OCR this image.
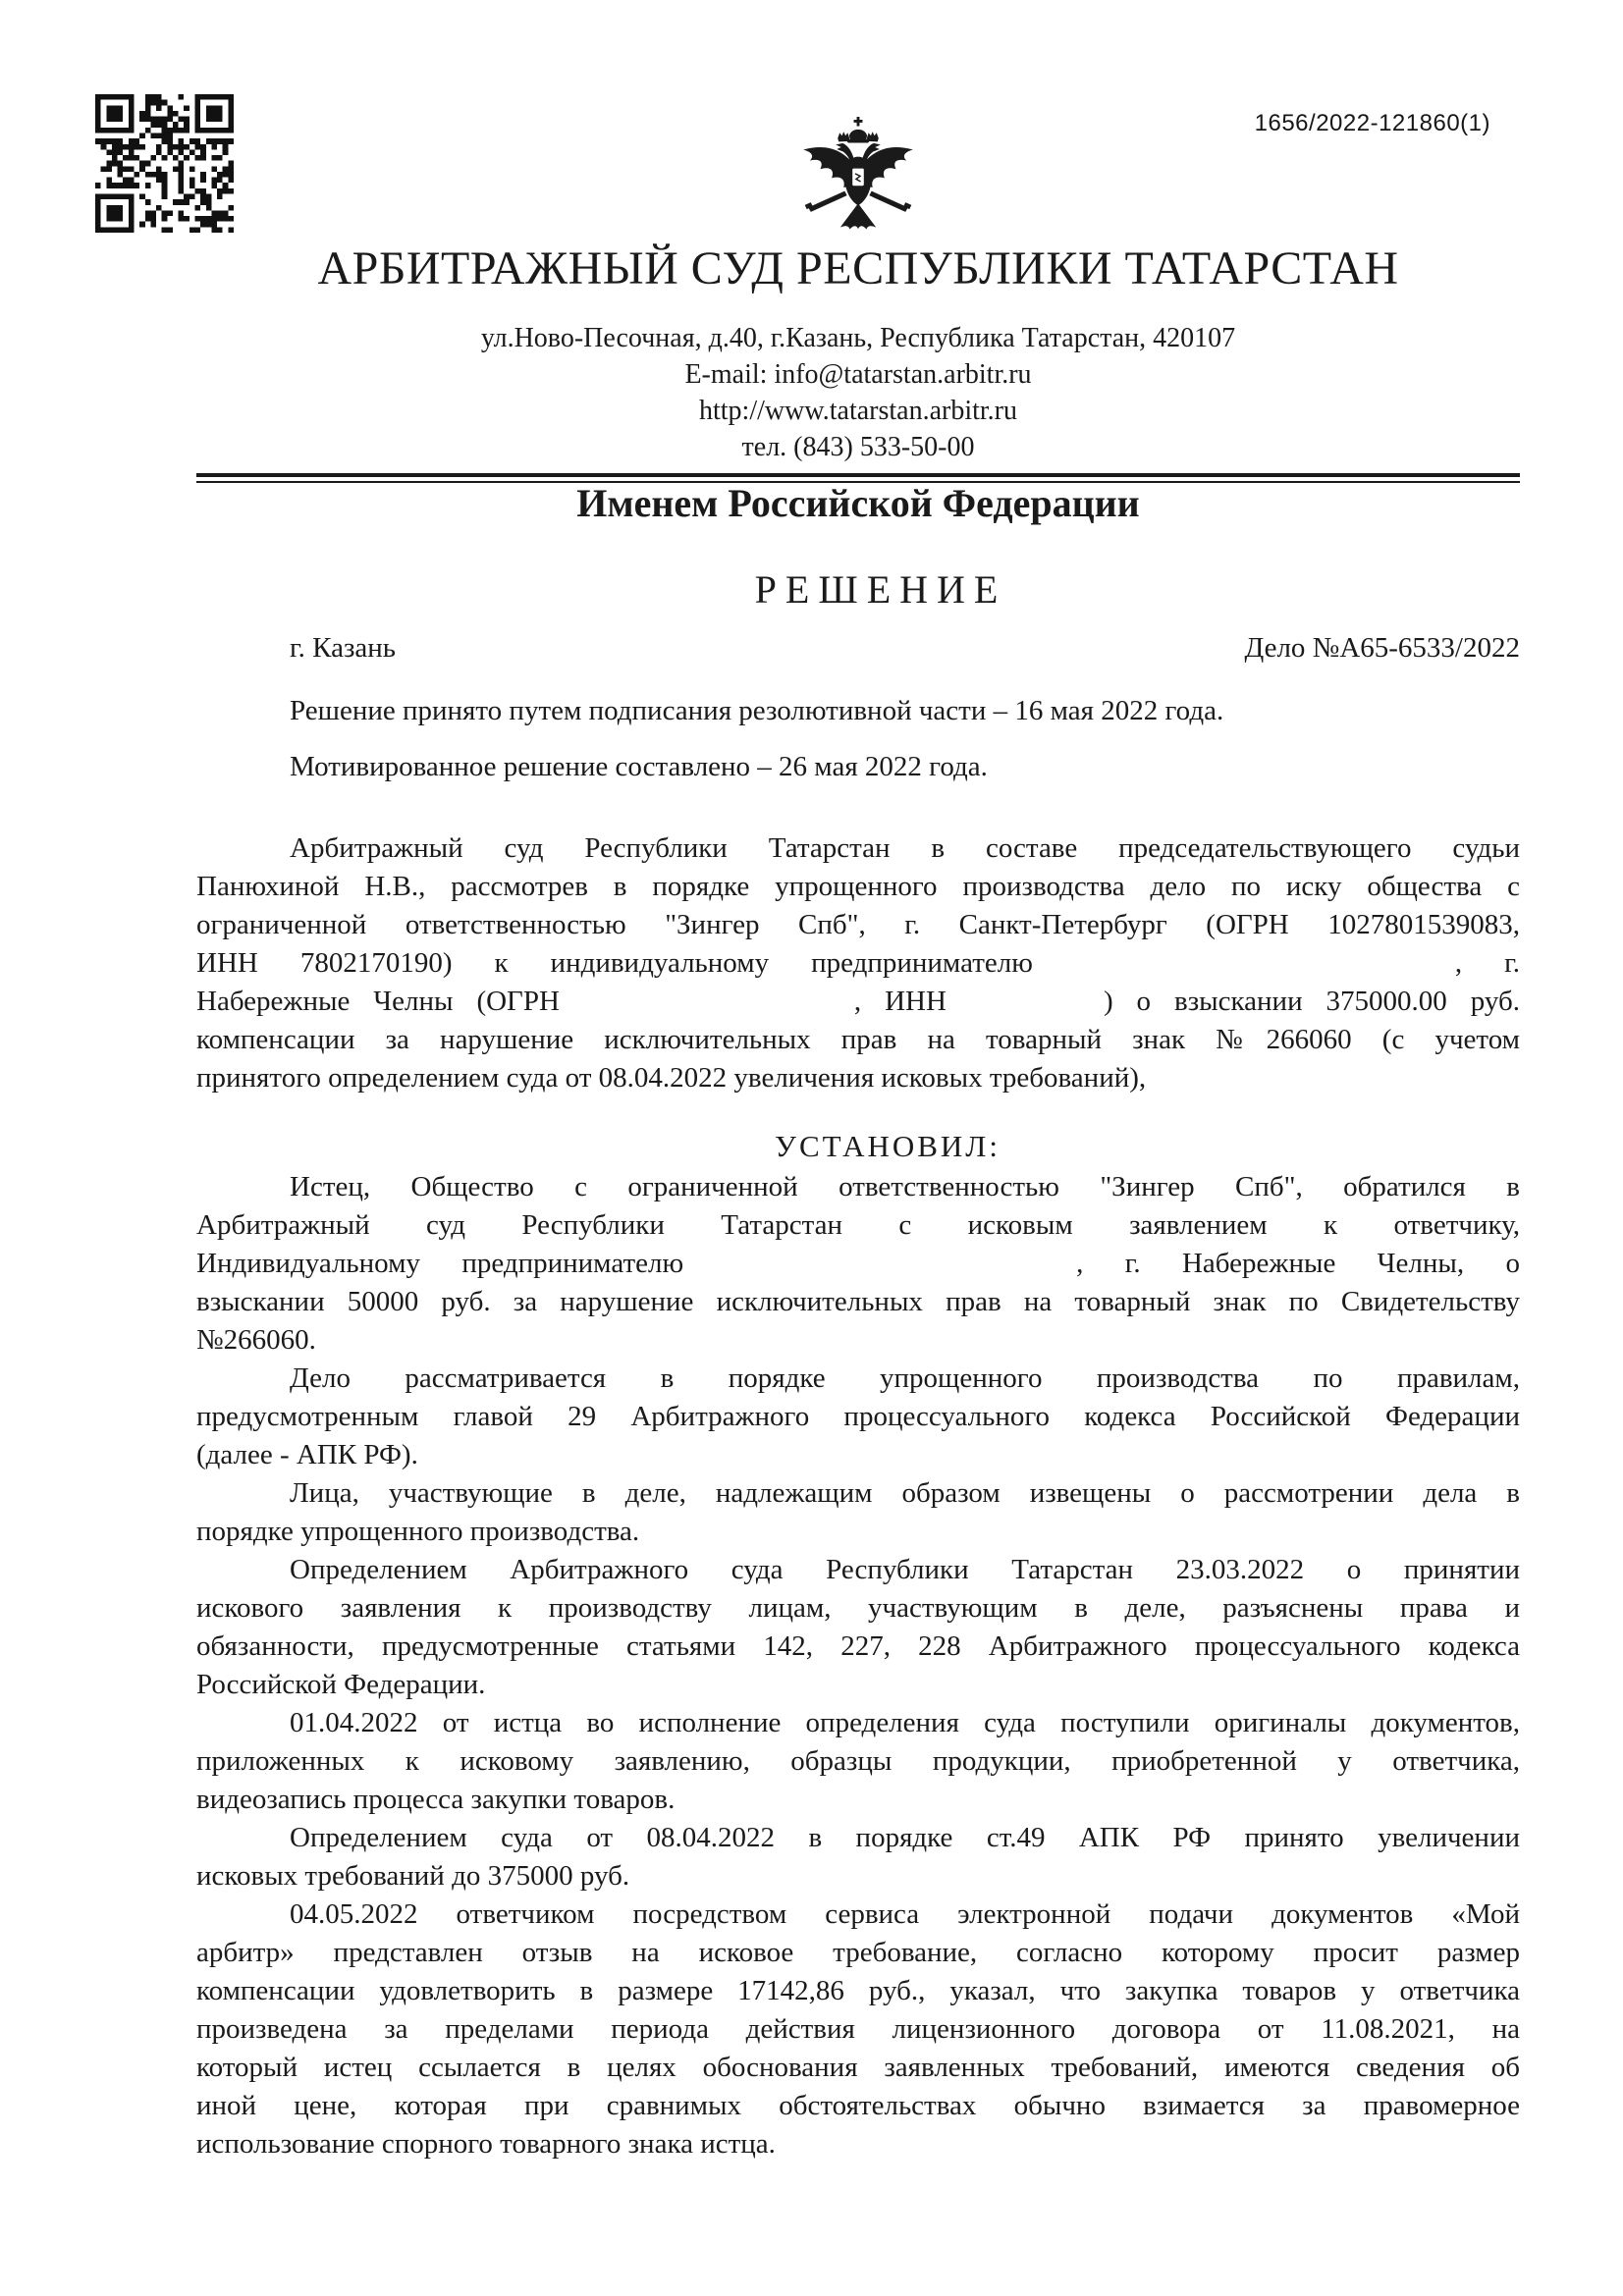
1656/2022-121860(1)
АРБИТРАЖНЫЙ СУД РЕСПУБЛИКИ ТАТАРСТАН
ул.Ново-Песочная, д.40, г.Казань, Республика Татарстан, 420107
E-mail: info@tatarstan.arbitr.ru
http://www.tatarstan.arbitr.ru
тел. (843) 533-50-00
Именем Российской Федерации
РЕШЕНИЕ
г. Казань	Дело №А65-6533/2022
Решение принято путем подписания резолютивной части – 16 мая 2022 года.
Мотивированное решение составлено – 26 мая 2022 года.
Арбитражный суд Республики Татарстан в составе председательствующего судьи
Панюхиной Н.В., рассмотрев в порядке упрощенного производства дело по иску общества с
ограниченной ответственностью "Зингер Спб", г. Санкт-Петербург (ОГРН 1027801539083,
ИНН 7802170190) к индивидуальному предпринимателю	, г.
Набережные Челны (ОГРН	, ИНН	) о взыскании 375000.00 руб.
компенсации за нарушение исключительных прав на товарный знак №266060 (с учетом
принятого определением суда от 08.04.2022 увеличения исковых требований),
УСТАНОВИЛ:
Истец, Общество с ограниченной ответственностью "Зингер Спб", обратился в
Арбитражный суд Республики Татарстан с исковым заявлением к ответчику,
Индивидуальному предпринимателю	, г. Набережные Челны, о
взыскании 50000 руб. за нарушение исключительных прав на товарный знак по Свидетельству
№266060.
Дело рассматривается в порядке упрощенного производства по правилам,
предусмотренным главой 29 Арбитражного процессуального кодекса Российской Федерации
(далее - АПК РФ).
Лица, участвующие в деле, надлежащим образом извещены о рассмотрении дела в
порядке упрощенного производства.
Определением Арбитражного суда Республики Татарстан 23.03.2022 о принятии
искового заявления к производству лицам, участвующим в деле, разъяснены права и
обязанности, предусмотренные статьями 142, 227, 228 Арбитражного процессуального кодекса
Российской Федерации.
01.04.2022 от истца во исполнение определения суда поступили оригиналы документов,
приложенных к исковому заявлению, образцы продукции, приобретенной у ответчика,
видеозапись процесса закупки товаров.
Определением суда от 08.04.2022 в порядке ст.49 АПК РФ принято увеличении
исковых требований до 375000 руб.
04.05.2022 ответчиком посредством сервиса электронной подачи документов «Мой
арбитр» представлен отзыв на исковое требование, согласно которому просит размер
компенсации удовлетворить в размере 17142,86 руб., указал, что закупка товаров у ответчика
произведена за пределами периода действия лицензионного договора от 11.08.2021, на
который истец ссылается в целях обоснования заявленных требований, имеются сведения об
иной цене, которая при сравнимых обстоятельствах обычно взимается за правомерное
использование спорного товарного знака истца.
